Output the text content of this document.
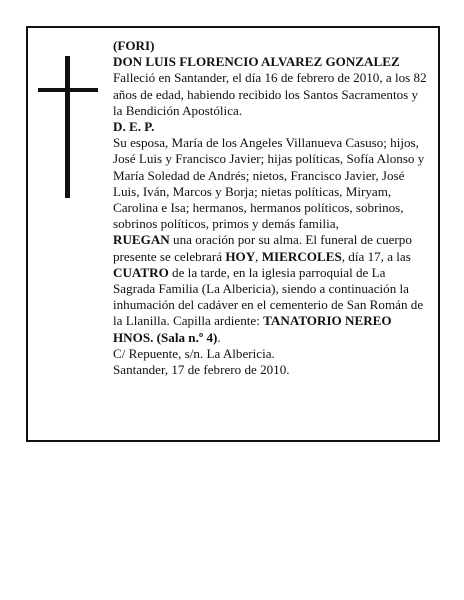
(FORI)

DON LUIS FLORENCIO ALVAREZ GONZALEZ

Falleció en Santander, el día 16 de febrero de 2010, a los 82 años de edad, habiendo recibido los Santos Sacramentos y la Bendición Apostólica.

D. E. P.

Su esposa, María de los Angeles Villanueva Casuso; hijos, José Luis y Francisco Javier; hijas políticas, Sofía Alonso y María Soledad de Andrés; nietos, Francisco Javier, José Luis, Iván, Marcos y Borja; nietas políticas, Miryam, Carolina e Isa; hermanos, hermanos políticos, sobrinos, sobrinos políticos, primos y demás familia,

RUEGAN una oración por su alma. El funeral de cuerpo presente se celebrará HOY, MIERCOLES, día 17, a las CUATRO de la tarde, en la iglesia parroquial de La Sagrada Familia (La Albericia), siendo a continuación la inhumación del cadáver en el cementerio de San Román de la Llanilla. Capilla ardiente: TANATORIO NEREO HNOS. (Sala n.º 4).

C/ Repuente, s/n. La Albericia.

Santander, 17 de febrero de 2010.
